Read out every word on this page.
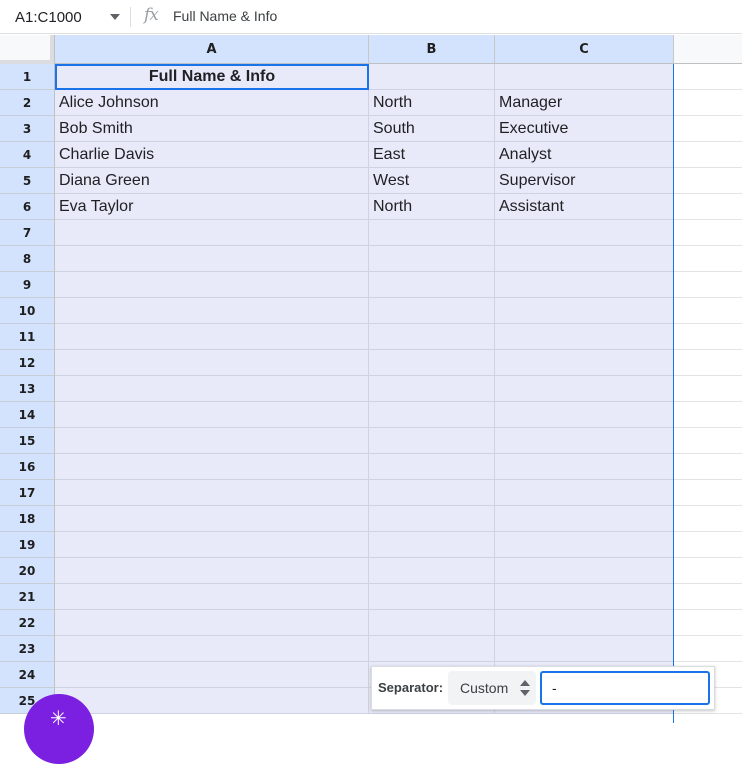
A1:C1000	fx Full Name & Info
A	B	C
1	Full Name & Info
2	Alice Johnson	North	Manager
3	Bob Smith	South	Executive
4	Charlie Davis	East	Analyst
5	Diana Green	West	Supervisor
6	Eva Taylor	North	Assistant
7
8
9
10
11
12
13
14
15
16
17
18
19
20
21
22
23
24
25
Separator: Custom
-
✳
